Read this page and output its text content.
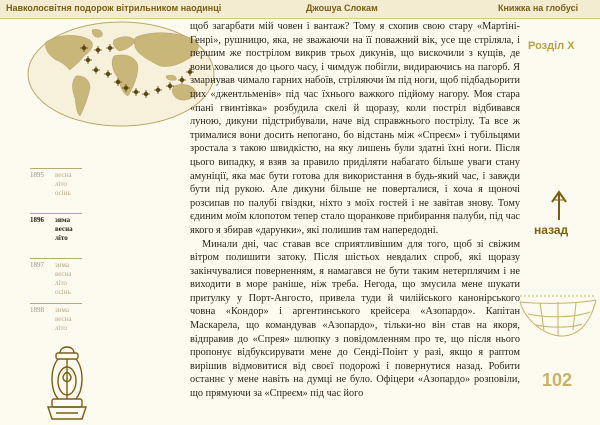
Навколосвітня подорож вітрильником наодинці	Джошуа Слокам	Книжка на глобусі
1895 весна
літо
осінь
1896 зима
весна
літо
1897 зима
весна
літо
осінь
1898 зима
весна
літо

щоб загарбати мій човен і вантаж? Тому я схопив свою стару «Мартіні-Генрі», рушницю, яка, не зважаючи на її поважний вік, усе ще стріляла, і першим же пострілом викрив трьох дикунів, що вискочили з кущів, де вони ховалися до цього часу, і чимдуж побігли, видираючись на пагорб. Я змарнував чимало гарних набоїв, стріляючи їм під ноги, щоб підбадьорити цих «джентльменів» під час їхнього важкого підйому нагору. Моя стара «пані гвинтівка» розбудила скелі й щоразу, коли постріл відбивався луною, дикуни підстрибували, наче від справжнього пострілу. Та все ж трималися вони досить непогано, бо відстань між «Спреєм» і тубільцями зростала з такою швидкістю, на яку лишень були здатні їхні ноги. Після цього випадку, я взяв за правило приділяти набагато більше уваги стану амуніції, яка має бути готова для використання в будь-який час, і завжди бути під рукою. Але дикуни більше не поверталися, і хоча я щоночі розсипав по палубі гвіздки, ніхто з моїх гостей і не завітав знову. Тому єдиним моїм клопотом тепер стало щоранкове прибирання палуби, під час якого я збирав «дарунки», які полишив там напередодні.

Минали дні, час ставав все сприятливішим для того, щоб зі свіжим вітром полишити затоку. Після шістьох невдалих спроб, які щоразу закінчувалися поверненням, я намагався не бути таким нетерплячим і не виходити в море раніше, ніж треба. Негода, що змусила мене шукати притулку у Порт-Ангосто, привела туди й чилійського канонірського човна «Кондор» і аргентинського крейсера «Азопардо». Капітан Маскарела, що командував «Азопардо», тільки-но він став на якоря, відправив до «Спрея» шлюпку з повідомленням про те, що після нього пропонує відбуксирувати мене до Сенді-Поінт у разі, якщо я раптом вирішив відмовитися від своєї подорожі і повернутися назад. Робити останнє у мене навіть на думці не було. Офіцери «Азопардо» розповіли, що прямуючи за «Спреєм» під час його

Розділ X
назад
102
